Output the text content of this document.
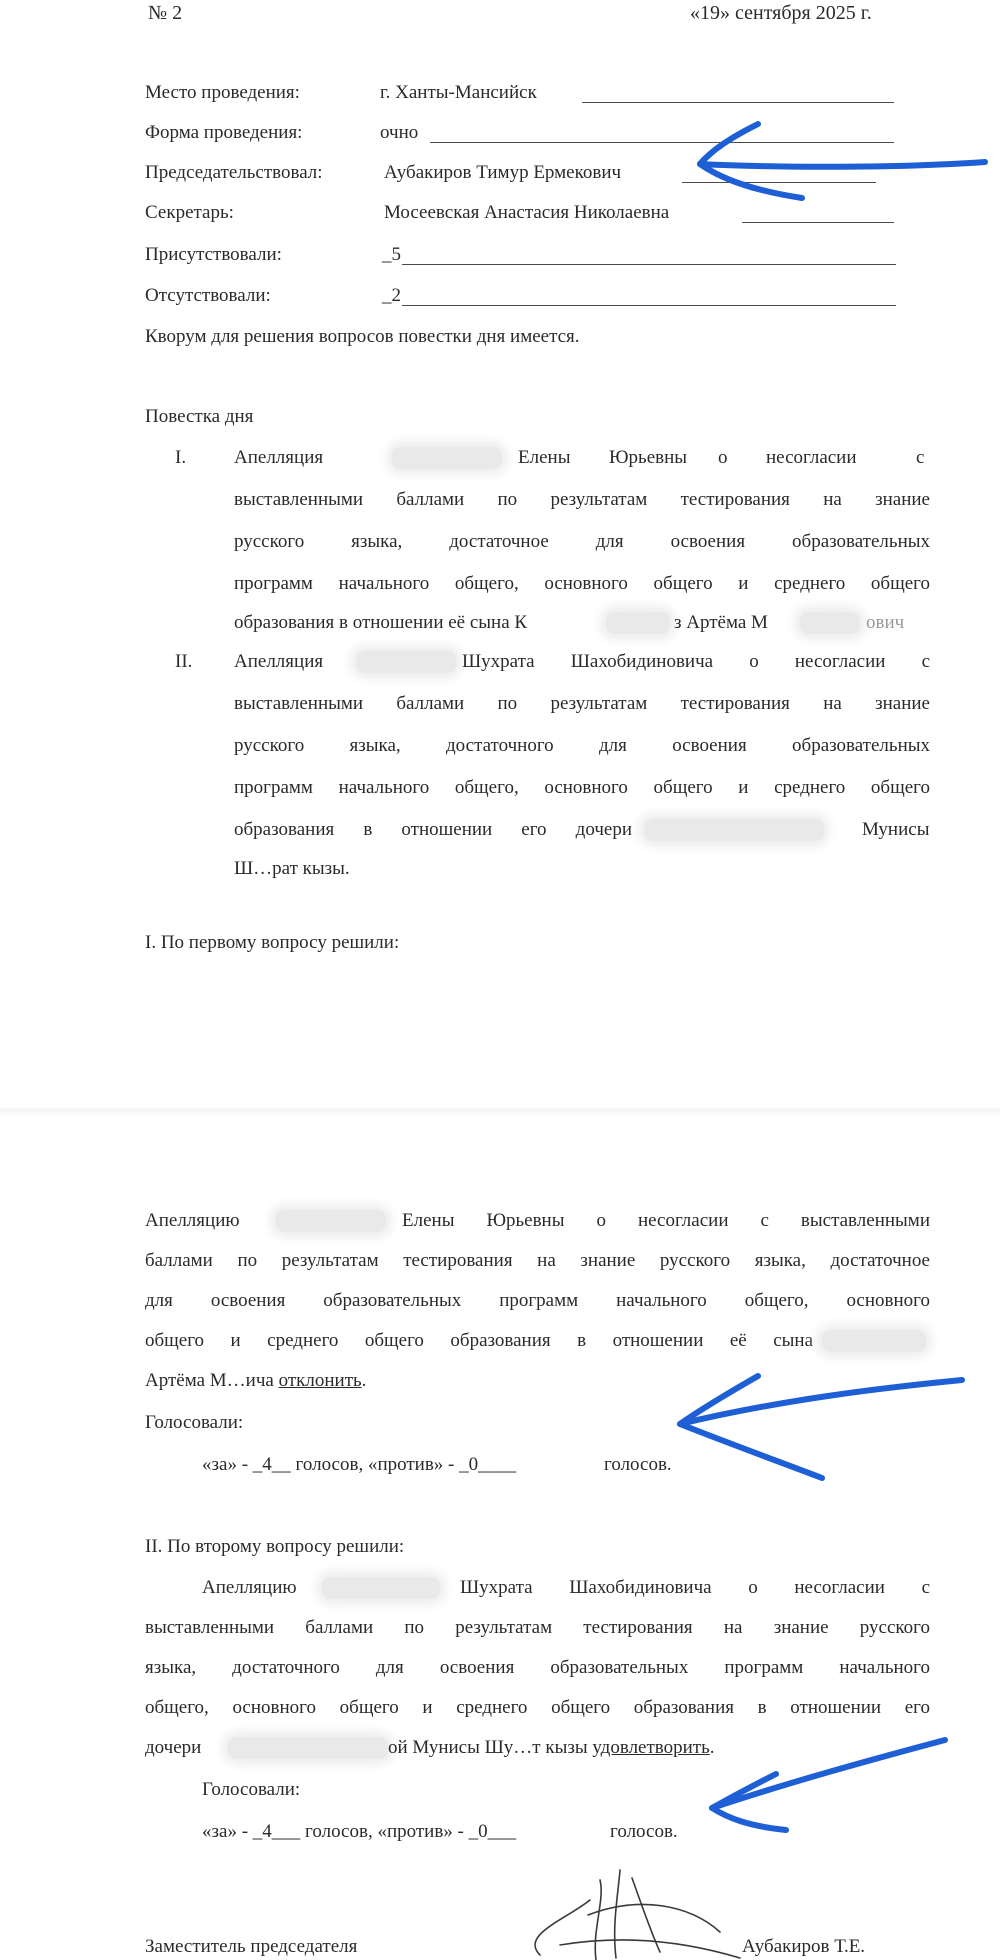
№ 2	«19» сентября 2025 г.
Место проведения:	г. Ханты-Мансийск
Форма проведения:	очно
Председательствовал:	Аубакиров Тимур Ермекович
Секретарь:	Мосеевская Анастасия Николаевна
Присутствовали:	_5
Отсутствовали:	_2
Кворум для решения вопросов повестки дня имеется.
Повестка дня
I.	Апелляция	Елены Юрьевны о несогласии	с
выставленными баллами по результатам тестирования на знание
русского языка, достаточное для освоения образовательных
программ начального общего, основного общего и среднего общего
образования в отношении её сына К	з Артёма М	ович
II. Апелляция	Шухрата Шахобидиновича о несогласии с
выставленными баллами по результатам тестирования на знание
русского языка, достаточного для освоения образовательных
программ начального общего, основного общего и среднего общего
образования в отношении его дочери	Мунисы
Ш…рат кызы.
I. По первому вопросу решили:
Апелляцию	Елены Юрьевны о несогласии с выставленными
баллами по результатам тестирования на знание русского языка, достаточное
для освоения образовательных программ начального общего, основного
общего и среднего общего образования в отношении её сына
Артёма М…ича отклонить.
Голосовали:
«за» - _4__ голосов, «против» - _0____	голосов.
II. По второму вопросу решили:
Апелляцию	Шухрата Шахобидиновича о несогласии с
выставленными баллами по результатам тестирования на знание русского
языка, достаточного для освоения образовательных программ начального
общего, основного общего и среднего общего образования в отношении его
дочери	ой Мунисы Шу…т кызы удовлетворить.
Голосовали:
«за» - _4___ голосов, «против» - _0___	голосов.
Заместитель председателя	Аубакиров Т.Е.
